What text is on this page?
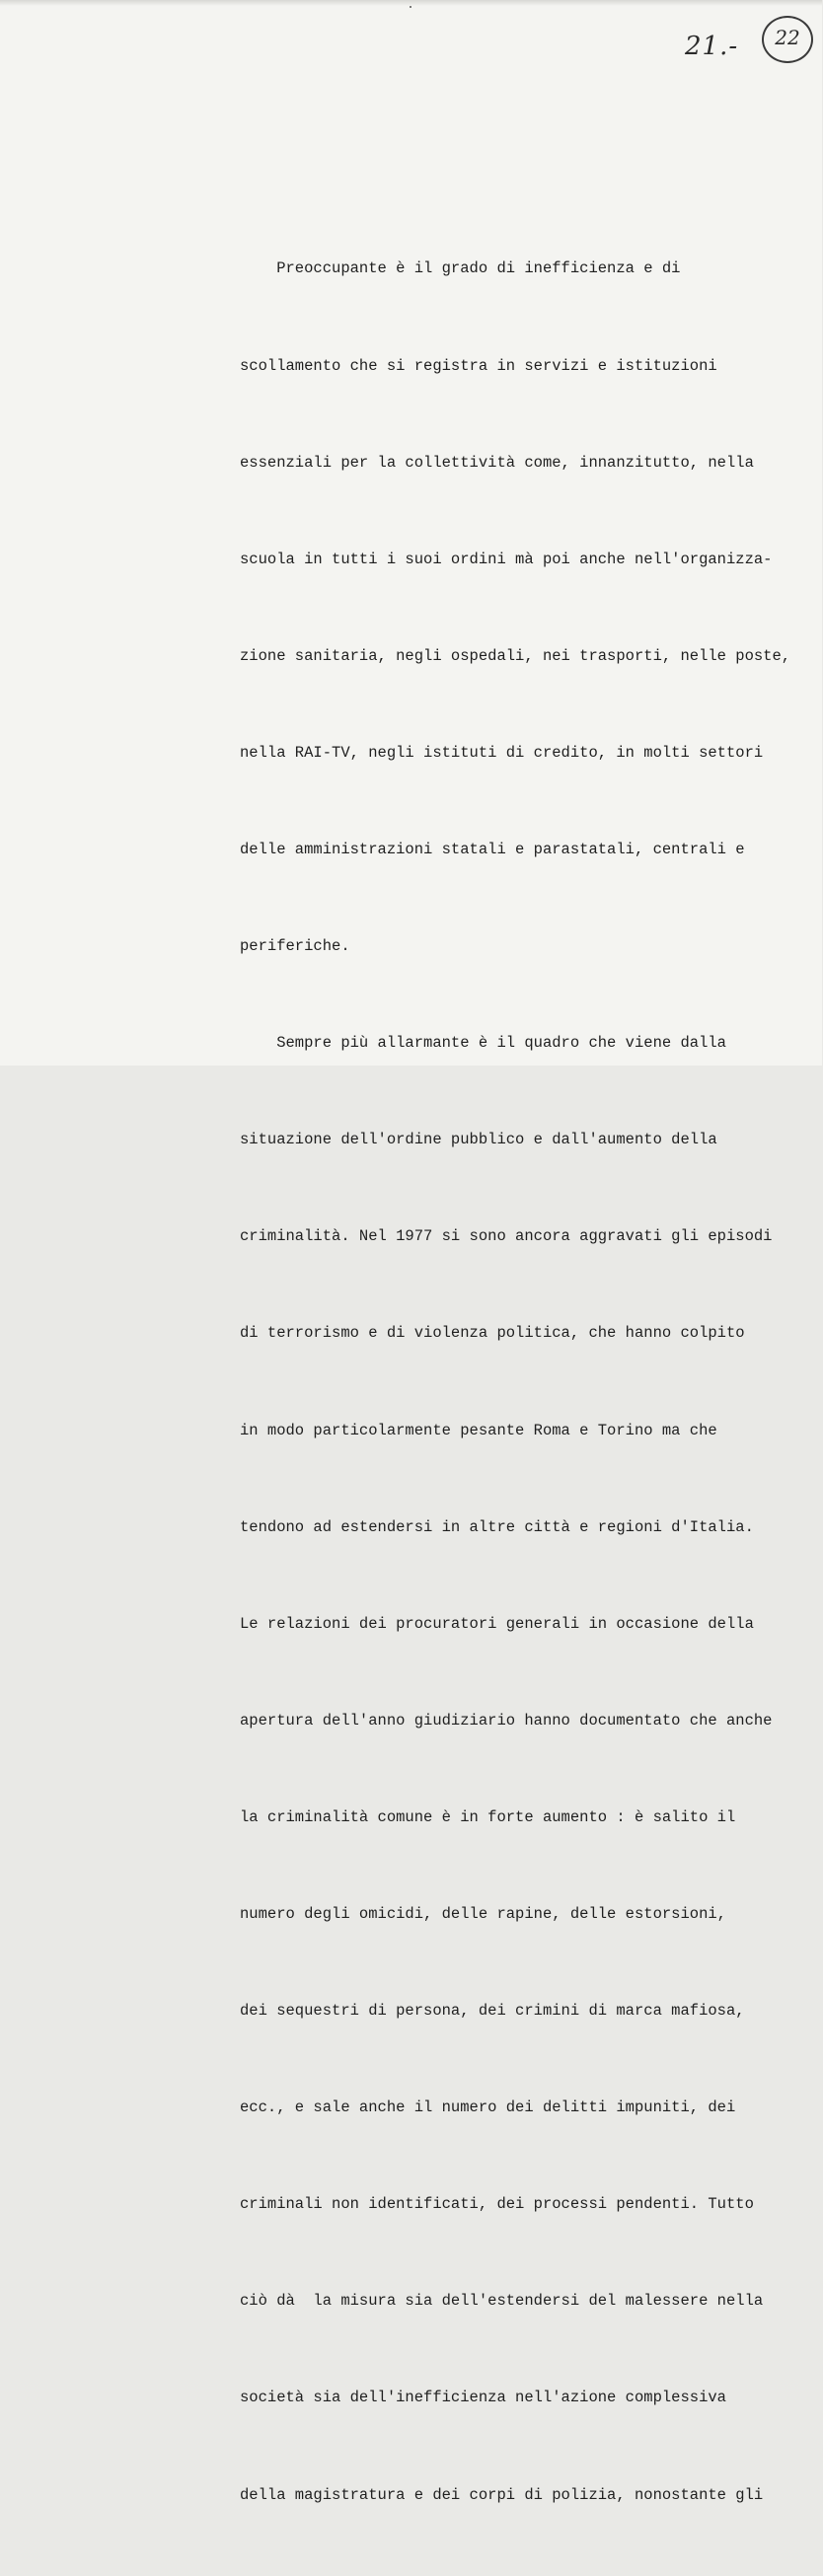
21.-	22

Preoccupante è il grado di inefficienza e di

scollamento che si registra in servizi e istituzioni

essenziali per la collettività come, innanzitutto, nella

scuola in tutti i suoi ordini mà poi anche nell'organizza-

zione sanitaria, negli ospedali, nei trasporti, nelle poste,

nella RAI-TV, negli istituti di credito, in molti settori

delle amministrazioni statali e parastatali, centrali e

periferiche.

Sempre più allarmante è il quadro che viene dalla

situazione dell'ordine pubblico e dall'aumento della

criminalità. Nel 1977 si sono ancora aggravati gli episodi

di terrorismo e di violenza politica, che hanno colpito

in modo particolarmente pesante Roma e Torino ma che

tendono ad estendersi in altre città e regioni d'Italia.

Le relazioni dei procuratori generali in occasione della

apertura dell'anno giudiziario hanno documentato che anche

la criminalità comune è in forte aumento : è salito il

numero degli omicidi, delle rapine, delle estorsioni,

dei sequestri di persona, dei crimini di marca mafiosa,

ecc., e sale anche il numero dei delitti impuniti, dei

criminali non identificati, dei processi pendenti. Tutto

ciò dà  la misura sia dell'estendersi del malessere nella

società sia dell'inefficienza nell'azione complessiva

della magistratura e dei corpi di polizia, nonostante gli
